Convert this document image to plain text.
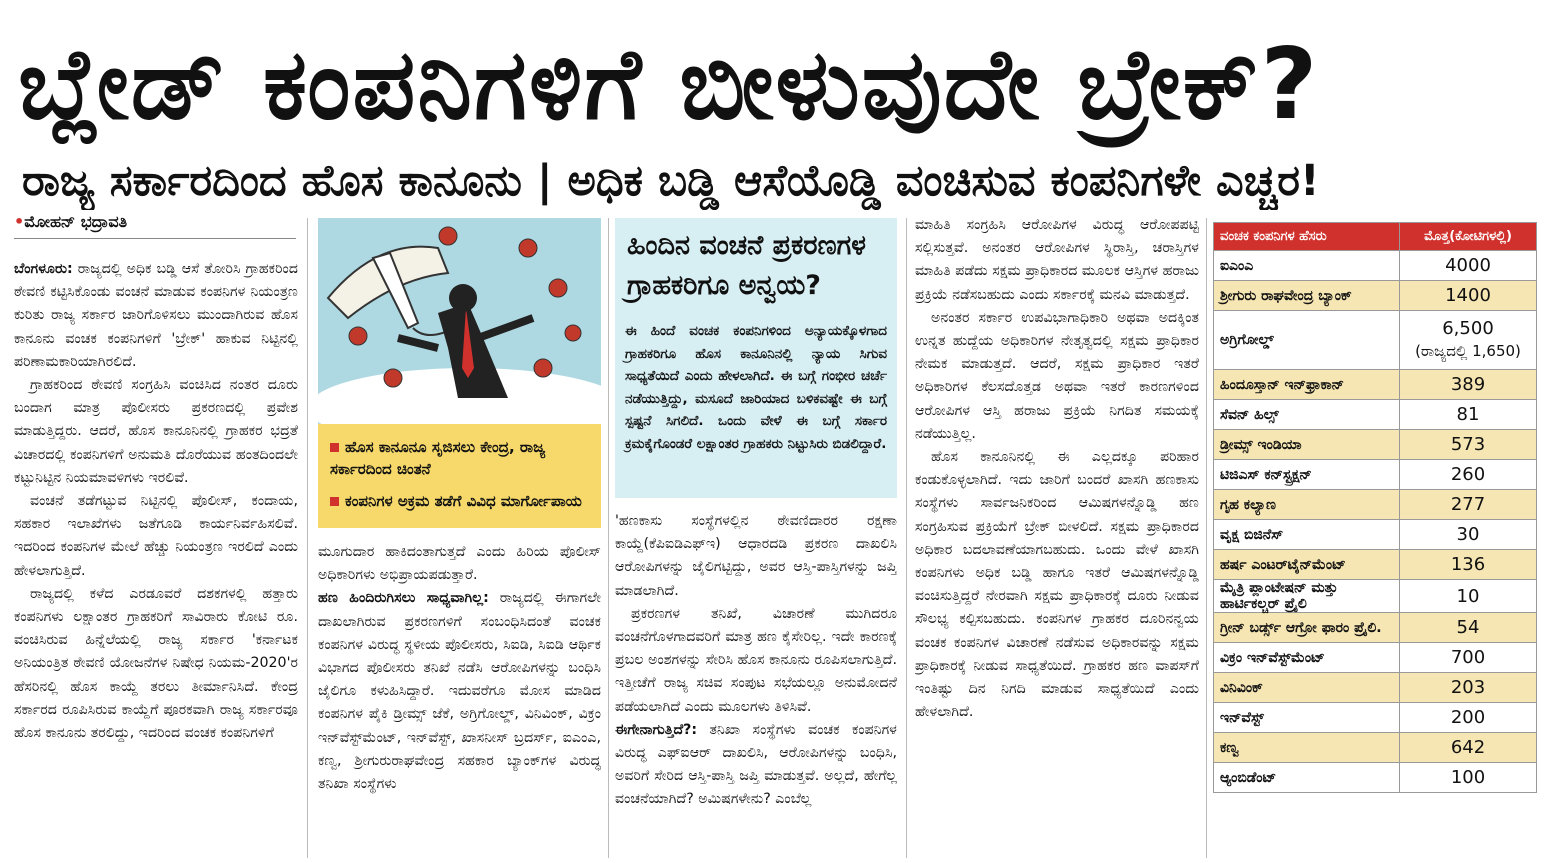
ಬ್ಲೇಡ್ ಕಂಪನಿಗಳಿಗೆ ಬೀಳುವುದೇ ಬ್ರೇಕ್?
ರಾಜ್ಯ ಸರ್ಕಾರದಿಂದ ಹೊಸ ಕಾನೂನು | ಅಧಿಕ ಬಡ್ಡಿ ಆಸೆಯೊಡ್ಡಿ ವಂಚಿಸುವ ಕಂಪನಿಗಳೇ ಎಚ್ಚರ!
•ಮೋಹನ್ ಭದ್ರಾವತಿ

ಬೆಂಗಳೂರು: ರಾಜ್ಯದಲ್ಲಿ ಅಧಿಕ ಬಡ್ಡಿ ಆಸೆ ತೋರಿಸಿ ಗ್ರಾಹಕರಿಂದ ಠೇವಣಿ ಕಟ್ಟಿಸಿಕೊಂಡು ವಂಚನೆ ಮಾಡುವ ಕಂಪನಿಗಳ ನಿಯಂತ್ರಣ ಕುರಿತು ರಾಜ್ಯ ಸರ್ಕಾರ ಜಾರಿಗೊಳಿಸಲು ಮುಂದಾಗಿರುವ ಹೊಸ ಕಾನೂನು ವಂಚಕ ಕಂಪನಿಗಳಿಗೆ 'ಬ್ರೇಕ್' ಹಾಕುವ ನಿಟ್ಟಿನಲ್ಲಿ ಪರಿಣಾಮಕಾರಿಯಾಗಿರಲಿದೆ.

ಗ್ರಾಹಕರಿಂದ ಠೇವಣಿ ಸಂಗ್ರಹಿಸಿ ವಂಚಿಸಿದ ನಂತರ ದೂರು ಬಂದಾಗ ಮಾತ್ರ ಪೊಲೀಸರು ಪ್ರಕರಣದಲ್ಲಿ ಪ್ರವೇಶ ಮಾಡುತ್ತಿದ್ದರು. ಆದರೆ, ಹೊಸ ಕಾನೂನಿನಲ್ಲಿ ಗ್ರಾಹಕರ ಭದ್ರತೆ ವಿಚಾರದಲ್ಲಿ ಕಂಪನಿಗಳಿಗೆ ಅನುಮತಿ ದೊರೆಯುವ ಹಂತದಿಂದಲೇ ಕಟ್ಟುನಿಟ್ಟಿನ ನಿಯಮಾವಳಿಗಳು ಇರಲಿವೆ.

ವಂಚನೆ ತಡೆಗಟ್ಟುವ ನಿಟ್ಟಿನಲ್ಲಿ ಪೊಲೀಸ್, ಕಂದಾಯ, ಸಹಕಾರ ಇಲಾಖೆಗಳು ಜತೆಗೂಡಿ ಕಾರ್ಯನಿರ್ವಹಿಸಲಿವೆ. ಇದರಿಂದ ಕಂಪನಿಗಳ ಮೇಲೆ ಹೆಚ್ಚು ನಿಯಂತ್ರಣ ಇರಲಿದೆ ಎಂದು ಹೇಳಲಾಗುತ್ತಿದೆ.

ರಾಜ್ಯದಲ್ಲಿ ಕಳೆದ ಎರಡೂವರೆ ದಶಕಗಳಲ್ಲಿ ಹತ್ತಾರು ಕಂಪನಿಗಳು ಲಕ್ಷಾಂತರ ಗ್ರಾಹಕರಿಗೆ ಸಾವಿರಾರು ಕೋಟಿ ರೂ. ವಂಚಿಸಿರುವ ಹಿನ್ನೆಲೆಯಲ್ಲಿ ರಾಜ್ಯ ಸರ್ಕಾರ 'ಕರ್ನಾಟಕ ಅನಿಯಂತ್ರಿತ ಠೇವಣಿ ಯೋಜನೆಗಳ ನಿಷೇಧ ನಿಯಮ-2020'ರ ಹೆಸರಿನಲ್ಲಿ ಹೊಸ ಕಾಯ್ದೆ ತರಲು ತೀರ್ಮಾನಿಸಿದೆ. ಕೇಂದ್ರ ಸರ್ಕಾರದ ರೂಪಿಸಿರುವ ಕಾಯ್ದೆಗೆ ಪೂರಕವಾಗಿ ರಾಜ್ಯ ಸರ್ಕಾರವೂ ಹೊಸ ಕಾನೂನು ತರಲಿದ್ದು, ಇದರಿಂದ ವಂಚಕ ಕಂಪನಿಗಳಿಗೆ

ಹೊಸ ಕಾನೂನೂ ಸೃಜಿಸಲು ಕೇಂದ್ರ, ರಾಜ್ಯ ಸರ್ಕಾರದಿಂದ ಚಿಂತನೆ
ಕಂಪನಿಗಳ ಅಕ್ರಮ ತಡೆಗೆ ವಿವಿಧ ಮಾರ್ಗೋಪಾಯ

ಮೂಗುದಾರ ಹಾಕಿದಂತಾಗುತ್ತದೆ ಎಂದು ಹಿರಿಯ ಪೊಲೀಸ್ ಅಧಿಕಾರಿಗಳು ಅಭಿಪ್ರಾಯಪಡುತ್ತಾರೆ.

ಹಣ ಹಿಂದಿರುಗಿಸಲು ಸಾಧ್ಯವಾಗಿಲ್ಲ: ರಾಜ್ಯದಲ್ಲಿ ಈಗಾಗಲೇ ದಾಖಲಾಗಿರುವ ಪ್ರಕರಣಗಳಿಗೆ ಸಂಬಂಧಿಸಿದಂತೆ ವಂಚಕ ಕಂಪನಿಗಳ ವಿರುದ್ಧ ಸ್ಥಳೀಯ ಪೊಲೀಸರು, ಸಿಐಡಿ, ಸಿಐಡಿ ಆರ್ಥಿಕ ವಿಭಾಗದ ಪೊಲೀಸರು ತನಿಖೆ ನಡೆಸಿ ಆರೋಪಿಗಳನ್ನು ಬಂಧಿಸಿ ಜೈಲಿಗೂ ಕಳುಹಿಸಿದ್ದಾರೆ. ಇದುವರೆಗೂ ಮೋಸ ಮಾಡಿದ ಕಂಪನಿಗಳ ಪೈಕಿ ಡ್ರೀಮ್ಸ್ ಜೆಕೆ, ಅಗ್ರಿಗೋಲ್ಡ್, ವಿನಿವಿಂಕ್, ವಿಕ್ರಂ ಇನ್‌ವೆಸ್ಟ್‌ಮೆಂಟ್, ಇನ್‌ವೆಸ್ಟ್, ಖಾಸನೀಸ್ ಬ್ರದರ್ಸ್, ಐಎಂಎ, ಕಣ್ವ, ಶ್ರೀಗುರುರಾಘವೇಂದ್ರ ಸಹಕಾರ ಬ್ಯಾಂಕ್‌ಗಳ ವಿರುದ್ಧ ತನಿಖಾ ಸಂಸ್ಥೆಗಳು

ಹಿಂದಿನ ವಂಚನೆ ಪ್ರಕರಣಗಳ ಗ್ರಾಹಕರಿಗೂ ಅನ್ವಯ?
ಈ ಹಿಂದೆ ವಂಚಕ ಕಂಪನಿಗಳಿಂದ ಅನ್ಯಾಯಕ್ಕೊಳಗಾದ ಗ್ರಾಹಕರಿಗೂ ಹೊಸ ಕಾನೂನಿನಲ್ಲಿ ನ್ಯಾಯ ಸಿಗುವ ಸಾಧ್ಯತೆಯಿದೆ ಎಂದು ಹೇಳಲಾಗಿದೆ. ಈ ಬಗ್ಗೆ ಗಂಭೀರ ಚರ್ಚೆ ನಡೆಯುತ್ತಿದ್ದು, ಮಸೂದೆ ಜಾರಿಯಾದ ಬಳಿಕವಷ್ಟೇ ಈ ಬಗ್ಗೆ ಸ್ಪಷ್ಟನೆ ಸಿಗಲಿದೆ. ಒಂದು ವೇಳೆ ಈ ಬಗ್ಗೆ ಸರ್ಕಾರ ಕ್ರಮಕೈಗೊಂಡರೆ ಲಕ್ಷಾಂತರ ಗ್ರಾಹಕರು ನಿಟ್ಟುಸಿರು ಬಿಡಲಿದ್ದಾರೆ.

'ಹಣಕಾಸು ಸಂಸ್ಥೆಗಳಲ್ಲಿನ ಠೇವಣಿದಾರರ ರಕ್ಷಣಾ ಕಾಯ್ದೆ(ಕೆಪಿಐಡಿಎಫ್‌ಇ) ಆಧಾರದಡಿ ಪ್ರಕರಣ ದಾಖಲಿಸಿ ಆರೋಪಿಗಳನ್ನು ಜೈಲಿಗಟ್ಟಿದ್ದು, ಅವರ ಆಸ್ತಿ-ಪಾಸ್ತಿಗಳನ್ನು ಜಪ್ತಿ ಮಾಡಲಾಗಿದೆ.

ಪ್ರಕರಣಗಳ ತನಿಖೆ, ವಿಚಾರಣೆ ಮುಗಿದರೂ ವಂಚನೆಗೊಳಗಾದವರಿಗೆ ಮಾತ್ರ ಹಣ ಕೈಸೇರಿಲ್ಲ. ಇದೇ ಕಾರಣಕ್ಕೆ ಪ್ರಬಲ ಅಂಶಗಳನ್ನು ಸೇರಿಸಿ ಹೊಸ ಕಾನೂನು ರೂಪಿಸಲಾಗುತ್ತಿದೆ. ಇತ್ತೀಚೆಗೆ ರಾಜ್ಯ ಸಚಿವ ಸಂಪುಟ ಸಭೆಯಲ್ಲೂ ಅನುಮೋದನೆ ಪಡೆಯಲಾಗಿದೆ ಎಂದು ಮೂಲಗಳು ತಿಳಿಸಿವೆ.

ಈಗೇನಾಗುತ್ತಿದೆ?: ತನಿಖಾ ಸಂಸ್ಥೆಗಳು ವಂಚಕ ಕಂಪನಿಗಳ ವಿರುದ್ಧ ಎಫ್‌ಐಆರ್ ದಾಖಲಿಸಿ, ಆರೋಪಿಗಳನ್ನು ಬಂಧಿಸಿ, ಅವರಿಗೆ ಸೇರಿದ ಆಸ್ತಿ-ಪಾಸ್ತಿ ಜಪ್ತಿ ಮಾಡುತ್ತವೆ. ಅಲ್ಲದೆ, ಹೇಗೆಲ್ಲ ವಂಚನೆಯಾಗಿದೆ? ಅಮಿಷಗಳೇನು? ಎಂಬೆಲ್ಲ

ಮಾಹಿತಿ ಸಂಗ್ರಹಿಸಿ ಆರೋಪಿಗಳ ವಿರುದ್ಧ ಆರೋಪಪಟ್ಟಿ ಸಲ್ಲಿಸುತ್ತವೆ. ಅನಂತರ ಆರೋಪಿಗಳ ಸ್ಥಿರಾಸ್ತಿ, ಚರಾಸ್ತಿಗಳ ಮಾಹಿತಿ ಪಡೆದು ಸಕ್ಷಮ ಪ್ರಾಧಿಕಾರದ ಮೂಲಕ ಆಸ್ತಿಗಳ ಹರಾಜು ಪ್ರಕ್ರಿಯೆ ನಡೆಸಬಹುದು ಎಂದು ಸರ್ಕಾರಕ್ಕೆ ಮನವಿ ಮಾಡುತ್ತದೆ.

ಅನಂತರ ಸರ್ಕಾರ ಉಪವಿಭಾಗಾಧಿಕಾರಿ ಅಥವಾ ಅದಕ್ಕಿಂತ ಉನ್ನತ ಹುದ್ದೆಯ ಅಧಿಕಾರಿಗಳ ನೇತೃತ್ವದಲ್ಲಿ ಸಕ್ಷಮ ಪ್ರಾಧಿಕಾರ ನೇಮಕ ಮಾಡುತ್ತದೆ. ಆದರೆ, ಸಕ್ಷಮ ಪ್ರಾಧಿಕಾರ ಇತರೆ ಅಧಿಕಾರಿಗಳ ಕೆಲಸದೊತ್ತಡ ಅಥವಾ ಇತರೆ ಕಾರಣಗಳಿಂದ ಆರೋಪಿಗಳ ಆಸ್ತಿ ಹರಾಜು ಪ್ರಕ್ರಿಯೆ ನಿಗದಿತ ಸಮಯಕ್ಕೆ ನಡೆಯುತ್ತಿಲ್ಲ.

ಹೊಸ ಕಾನೂನಿನಲ್ಲಿ ಈ ಎಲ್ಲದಕ್ಕೂ ಪರಿಹಾರ ಕಂಡುಕೊಳ್ಳಲಾಗಿದೆ. ಇದು ಜಾರಿಗೆ ಬಂದರೆ ಖಾಸಗಿ ಹಣಕಾಸು ಸಂಸ್ಥೆಗಳು ಸಾರ್ವಜನಿಕರಿಂದ ಆಮಿಷಗಳನ್ನೊಡ್ಡಿ ಹಣ ಸಂಗ್ರಹಿಸುವ ಪ್ರಕ್ರಿಯೆಗೆ ಬ್ರೇಕ್ ಬೀಳಲಿದೆ. ಸಕ್ಷಮ ಪ್ರಾಧಿಕಾರದ ಅಧಿಕಾರ ಬದಲಾವಣೆಯಾಗಬಹುದು. ಒಂದು ವೇಳೆ ಖಾಸಗಿ ಕಂಪನಿಗಳು ಅಧಿಕ ಬಡ್ಡಿ ಹಾಗೂ ಇತರೆ ಆಮಿಷಗಳನ್ನೊಡ್ಡಿ ವಂಚಿಸುತ್ತಿದ್ದರೆ ನೇರವಾಗಿ ಸಕ್ಷಮ ಪ್ರಾಧಿಕಾರಕ್ಕೆ ದೂರು ನೀಡುವ ಸೌಲಭ್ಯ ಕಲ್ಪಿಸಬಹುದು. ಕಂಪನಿಗಳ ಗ್ರಾಹಕರ ದೂರಿನನ್ವಯ ವಂಚಕ ಕಂಪನಿಗಳ ವಿಚಾರಣೆ ನಡೆಸುವ ಅಧಿಕಾರವನ್ನು ಸಕ್ಷಮ ಪ್ರಾಧಿಕಾರಕ್ಕೆ ನೀಡುವ ಸಾಧ್ಯತೆಯಿದೆ. ಗ್ರಾಹಕರ ಹಣ ವಾಪಸ್‌ಗೆ ಇಂತಿಷ್ಟು ದಿನ ನಿಗದಿ ಮಾಡುವ ಸಾಧ್ಯತೆಯಿದೆ ಎಂದು ಹೇಳಲಾಗಿದೆ.

ವಂಚಕ ಕಂಪನಿಗಳ ಹೆಸರು	ಮೊತ್ತ(ಕೋಟಿಗಳಲ್ಲಿ)
ಐಎಂಎ	4000
ಶ್ರೀಗುರು ರಾಘವೇಂದ್ರ ಬ್ಯಾಂಕ್	1400
ಅಗ್ರಿಗೋಲ್ಡ್	6,500
(ರಾಜ್ಯದಲ್ಲಿ 1,650)

ಹಿಂದೂಸ್ತಾನ್ ಇನ್‌ಫ್ರಾಕಾನ್	389
ಸೆವನ್ ಹಿಲ್ಸ್	81
ಡ್ರೀಮ್ಸ್ ಇಂಡಿಯಾ	573
ಟಿಜಿಎಸ್ ಕನ್‌ಸ್ಟ್ರಕ್ಷನ್	260
ಗೃಹ ಕಲ್ಯಾಣ	277
ವೃಕ್ಷ ಬಿಜಿನೆಸ್	30
ಹರ್ಷ ಎಂಟರ್‌ಟೈನ್‌ಮೆಂಟ್	136
ಮೈತ್ರಿ ಪ್ಲಾಂಟೇಷನ್ ಮತ್ತು ಹಾರ್ಟಿಕಲ್ಚರ್ ಪ್ರೈಲಿ	10
ಗ್ರೀನ್ ಬರ್ಡ್ಸ್ ಆಗ್ರೋ ಫಾರಂ ಪ್ರೈಲಿ.	54
ವಿಕ್ರಂ ಇನ್‌ವೆಸ್ಟ್‌ಮೆಂಟ್	700
ವಿನಿವಿಂಕ್	203
ಇನ್‌ವೆಸ್ಟ್	200
ಕಣ್ವ	642
ಆ್ಯಂಬಿಡೆಂಟ್	100
